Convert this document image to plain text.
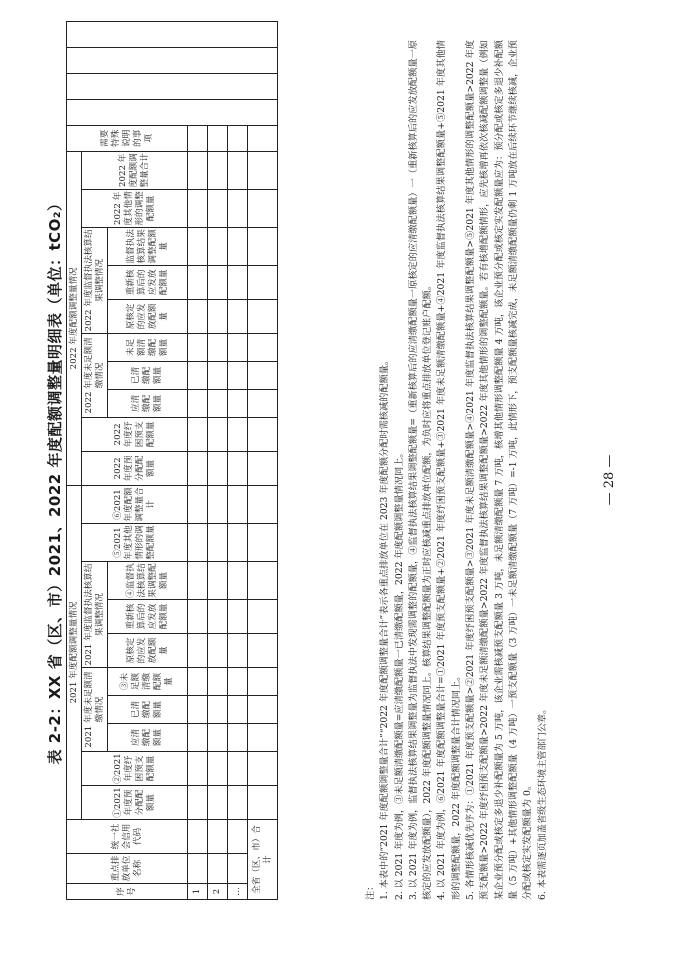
表 2-2：XX 省（区、市）2021、2022 年度配额调整量明细表（单位：tCO₂）
序号	重点排放单位名称	统一社会信用代码	2021 年度配额调整量情况										2022 年度配额调整量情况										需要特殊说明的事项				
			①2021 年度预分配配额量	②2021 年度纾困预支配额量	2021 年度未足额清缴情况			2021 年度监督执法核算结果调整情况			⑤2021 年度其他情形的调整配额量	⑥2021 年度配额调整量合计	2022 年度预分配配额量	2022 年度纾困预支配额量	2022 年度未足额清缴情况			2022 年度监督执法核算结果调整情况			2022 年度其他情形的调整配额量	2022 年度配额调整量合计					
					应清缴配额量	已清缴配额量	③未足额清缴配额量	原核定的应发放配额量	重新核算后的应发放配额量	④监督执法核算结果调整配额量					应清缴配额量	已清缴配额量	未足额清缴配额量	原核定的应发放配额量	重新核算后的应发放配额量	监督执法核算结果调整配额量							
1																											
2																											
…																											
全省（区、市）合计																											

注： 1. 本表中的“2021 年度配额调整量合计”“2022 年度配额调整量合计”表示各重点排放单位在 2023 年度配额分配时需核减的配额量。 2. 以 2021 年度为例，③未足额清缴配额量=应清缴配额量一已清缴配额量，2022 年度配额调整量情况同上。 3. 以 2021 年度为例，监督执法核算结果调整量为监督执法中发现需调整的配额量，④监督执法核算结果调整配额量=（重新核算后的应清缴配额量一原核定的应清缴配额量）一（重新核算后的应发放配额量一原核定的应发放配额量），2022 年度配额调整量情况同上。核算结果调整配额量为正时应核减重点排放单位配额，为负时应将重点排放单位登记账户配额。 4. 以 2021 年度为例，⑥2021 年度配额调整量合计=①2021 年度预支配额量+②2021 年度纾困预支配额量+③2021 年度未足额清缴配额量+④2021 年度监督执法核算结果调整配额量+⑤2021 年度其他情形的调整配额量，2022 年度配额调整量合计情况同上。 5. 各情形核减优先序为：①2021 年度预支配额量>②2021 年度纾困预支配额量>③2021 年度未足额清缴配额量>④2021 年度监督执法核算结果调整配额量>⑤2021 年度其他情形的调整配额量>2022 年度预支配额量>2022 年度纾困预支配额量>2022 年度未足额清缴配额量>2022 年度监督执法核算结果调整配额量>2022 年度其他情形的调整配额量。若有核增配额情形，应先核增再依次核减配额调整量（例如某企业预分配或核定多退少补配额量为 5 万吨，该企业需核减预支配额量 3 万吨，未足额清缴配额量 7 万吨，核增其他情形调整配额量 4 万吨，该企业预分配或核定实发配额量应为：预分配或核定多退少补配额量（5 万吨）+其他情形调整配额量（4 万吨）一预支配额量（3 万吨）一未足额清缴配额量（7 万吨）=-1 万吨，此情形下，预支配额量核减完成，未足额清缴配额量仍剩 1 万吨放在后续环节继续核减，企业预分配或核定实发配额量为 0。 6. 本表需逐页加盖省级生态环境主管部门公章。

— 28 —
